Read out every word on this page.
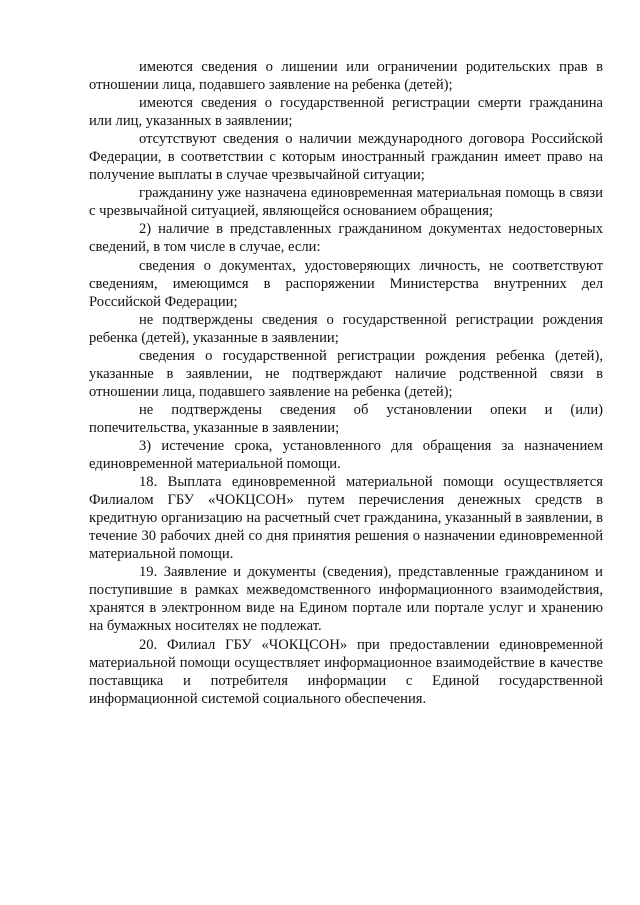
имеются сведения о лишении или ограничении родительских прав в отношении лица, подавшего заявление на ребенка (детей);

имеются сведения о государственной регистрации смерти гражданина или лиц, указанных в заявлении;

отсутствуют сведения о наличии международного договора Российской Федерации, в соответствии с которым иностранный гражданин имеет право на получение выплаты в случае чрезвычайной ситуации;

гражданину уже назначена единовременная материальная помощь в связи с чрезвычайной ситуацией, являющейся основанием обращения;

2) наличие в представленных гражданином документах недостоверных сведений, в том числе в случае, если:

сведения о документах, удостоверяющих личность, не соответствуют сведениям, имеющимся в распоряжении Министерства внутренних дел Российской Федерации;

не подтверждены сведения о государственной регистрации рождения ребенка (детей), указанные в заявлении;

сведения о государственной регистрации рождения ребенка (детей), указанные в заявлении, не подтверждают наличие родственной связи в отношении лица, подавшего заявление на ребенка (детей);

не подтверждены сведения об установлении опеки и (или) попечительства, указанные в заявлении;

3) истечение срока, установленного для обращения за назначением единовременной материальной помощи.

18. Выплата единовременной материальной помощи осуществляется Филиалом ГБУ «ЧОКЦСОН» путем перечисления денежных средств в кредитную организацию на расчетный счет гражданина, указанный в заявлении, в течение 30 рабочих дней со дня принятия решения о назначении единовременной материальной помощи.

19. Заявление и документы (сведения), представленные гражданином и поступившие в рамках межведомственного информационного взаимодействия, хранятся в электронном виде на Едином портале или портале услуг и хранению на бумажных носителях не подлежат.

20. Филиал ГБУ «ЧОКЦСОН» при предоставлении единовременной материальной помощи осуществляет информационное взаимодействие в качестве поставщика и потребителя информации с Единой государственной информационной системой социального обеспечения.
